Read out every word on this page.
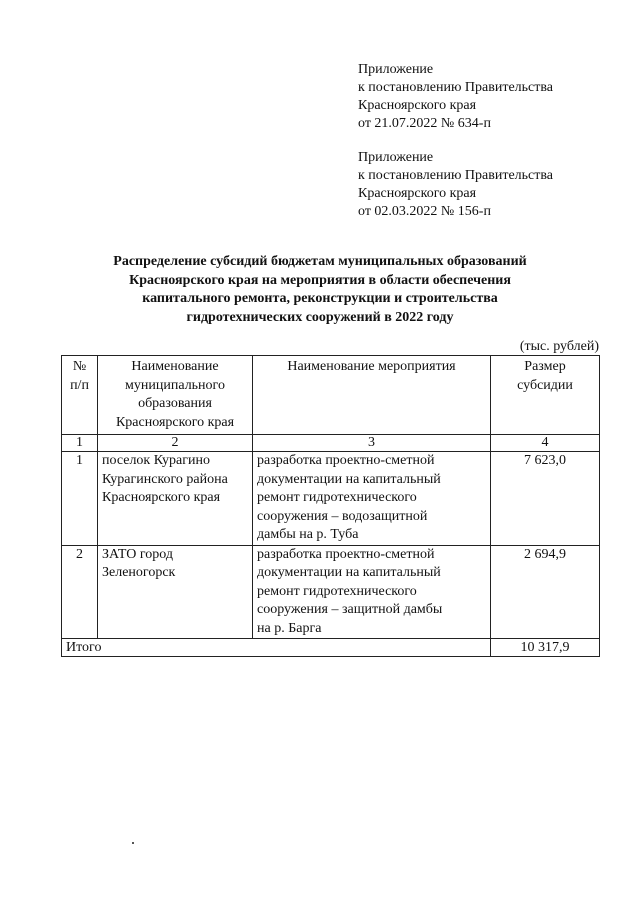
Приложение
к постановлению Правительства
Красноярского края
от 21.07.2022 № 634-п
Приложение
к постановлению Правительства
Красноярского края
от 02.03.2022 № 156-п
Распределение субсидий бюджетам муниципальных образований
Красноярского края на мероприятия в области обеспечения
капитального ремонта, реконструкции и строительства
гидротехнических сооружений в 2022 году
(тыс. рублей)
№
п/п	Наименование
муниципального
образования
Красноярского края	Наименование мероприятия	Размер
субсидии
1	2	3	4
1	поселок Курагино
Курагинского района
Красноярского края	разработка проектно-сметной
документации на капитальный
ремонт гидротехнического
сооружения – водозащитной
дамбы на р. Туба	7 623,0
2	ЗАТО город
Зеленогорск	разработка проектно-сметной
документации на капитальный
ремонт гидротехнического
сооружения – защитной дамбы
на р. Барга	2 694,9
Итого			10 317,9
